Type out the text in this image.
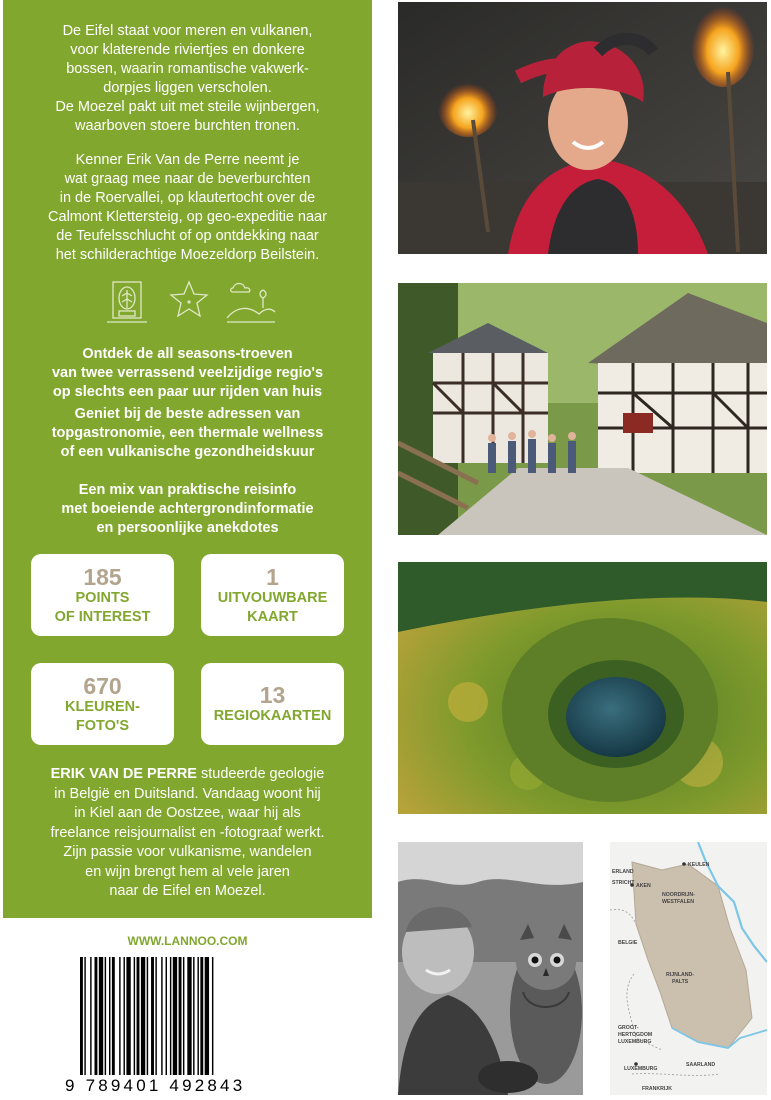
De Eifel staat voor meren en vulkanen,
voor klaterende riviertjes en donkere
bossen, waarin romantische vakwerk-
dorpjes liggen verscholen.
De Moezel pakt uit met steile wijnbergen,
waarboven stoere burchten tronen.

Kenner Erik Van de Perre neemt je
wat graag mee naar de beverburchten
in de Roervallei, op klautertocht over de
Calmont Klettersteig, op geo-expeditie naar
de Teufelsschlucht of op ontdekking naar
het schilderachtige Moezeldorp Beilstein.

Ontdek de all seasons-troeven
van twee verrassend veelzijdige regio's
op slechts een paar uur rijden van huis

Geniet bij de beste adressen van
topgastronomie, een thermale wellness
of een vulkanische gezondheidskuur

Een mix van praktische reisinfo
met boeiende achtergrondinformatie
en persoonlijke anekdotes

185
POINTS
OF INTEREST
1
UITVOUWBARE
KAART
670
KLEUREN-
FOTO'S
13
REGIOKAARTEN

ERIK VAN DE PERRE studeerde geologie
in België en Duitsland. Vandaag woont hij
in Kiel aan de Oostzee, waar hij als
freelance reisjournalist en -fotograaf werkt.
Zijn passie voor vulkanisme, wandelen
en wijn brengt hem al vele jaren
naar de Eifel en Moezel.

WWW.LANNOO.COM
9 789401 492843
ERLAND
STRICHT AKEN
KEULEN
NOORDRIJN-
WESTFALEN
BELGIE
RIJNLAND-
PALTS
GROOT-
HERTOGDOM
LUXEMBURG
LUXEMBURG
SAARLAND
FRANKRIJK
